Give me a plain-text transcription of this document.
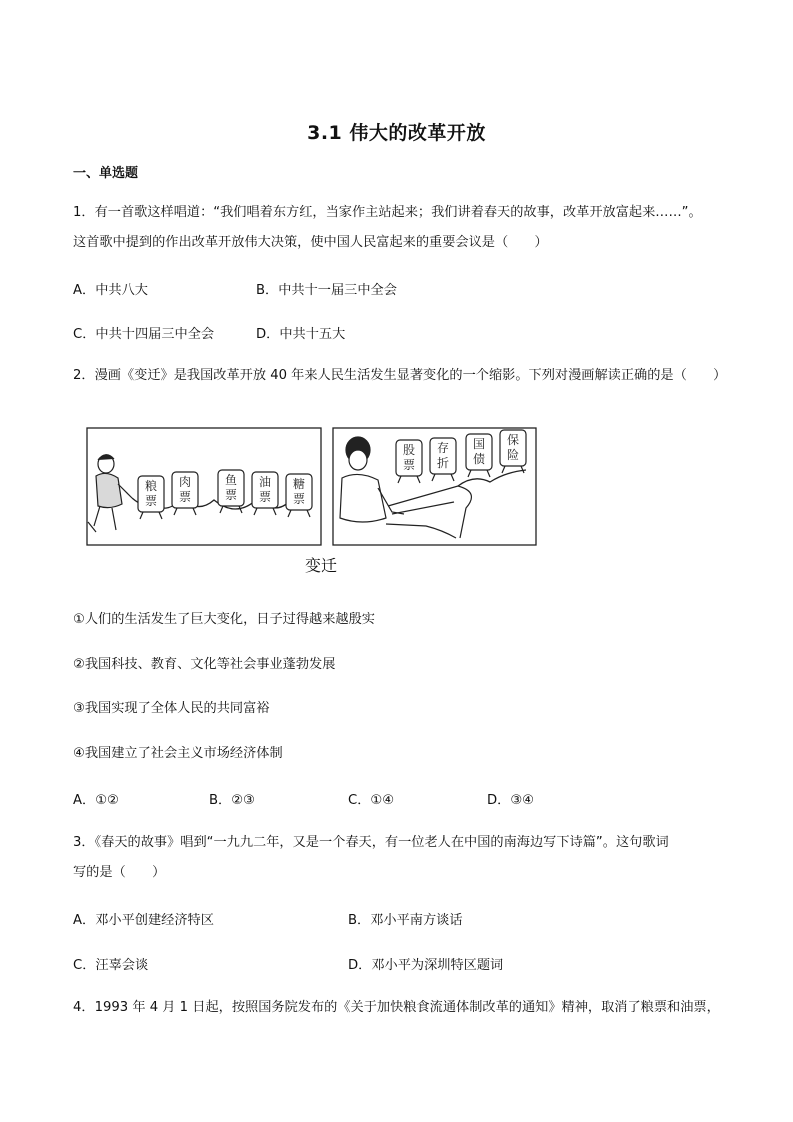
3.1 伟大的改革开放
一、单选题
1．有一首歌这样唱道：“我们唱着东方红，当家作主站起来；我们讲着春天的故事，改革开放富起来……”。
这首歌中提到的作出改革开放伟大决策，使中国人民富起来的重要会议是（　　）
A．中共八大	B．中共十一届三中全会
C．中共十四届三中全会	D．中共十五大
2．漫画《变迁》是我国改革开放 40 年来人民生活发生显著变化的一个缩影。下列对漫画解读正确的是（　　）
粮
票
肉
票
鱼
票
油
票
糖
票
股
票
存
折
国
债
保
险
变迁
①人们的生活发生了巨大变化，日子过得越来越殷实
②我国科技、教育、文化等社会事业蓬勃发展
③我国实现了全体人民的共同富裕
④我国建立了社会主义市场经济体制
A．①②	B．②③	C．①④	D．③④
3．《春天的故事》唱到“一九九二年，又是一个春天，有一位老人在中国的南海边写下诗篇”。这句歌词
写的是（　　）
A．邓小平创建经济特区	B．邓小平南方谈话
C．汪辜会谈	D．邓小平为深圳特区题词
4．1993 年 4 月 1 日起，按照国务院发布的《关于加快粮食流通体制改革的通知》精神，取消了粮票和油票，
